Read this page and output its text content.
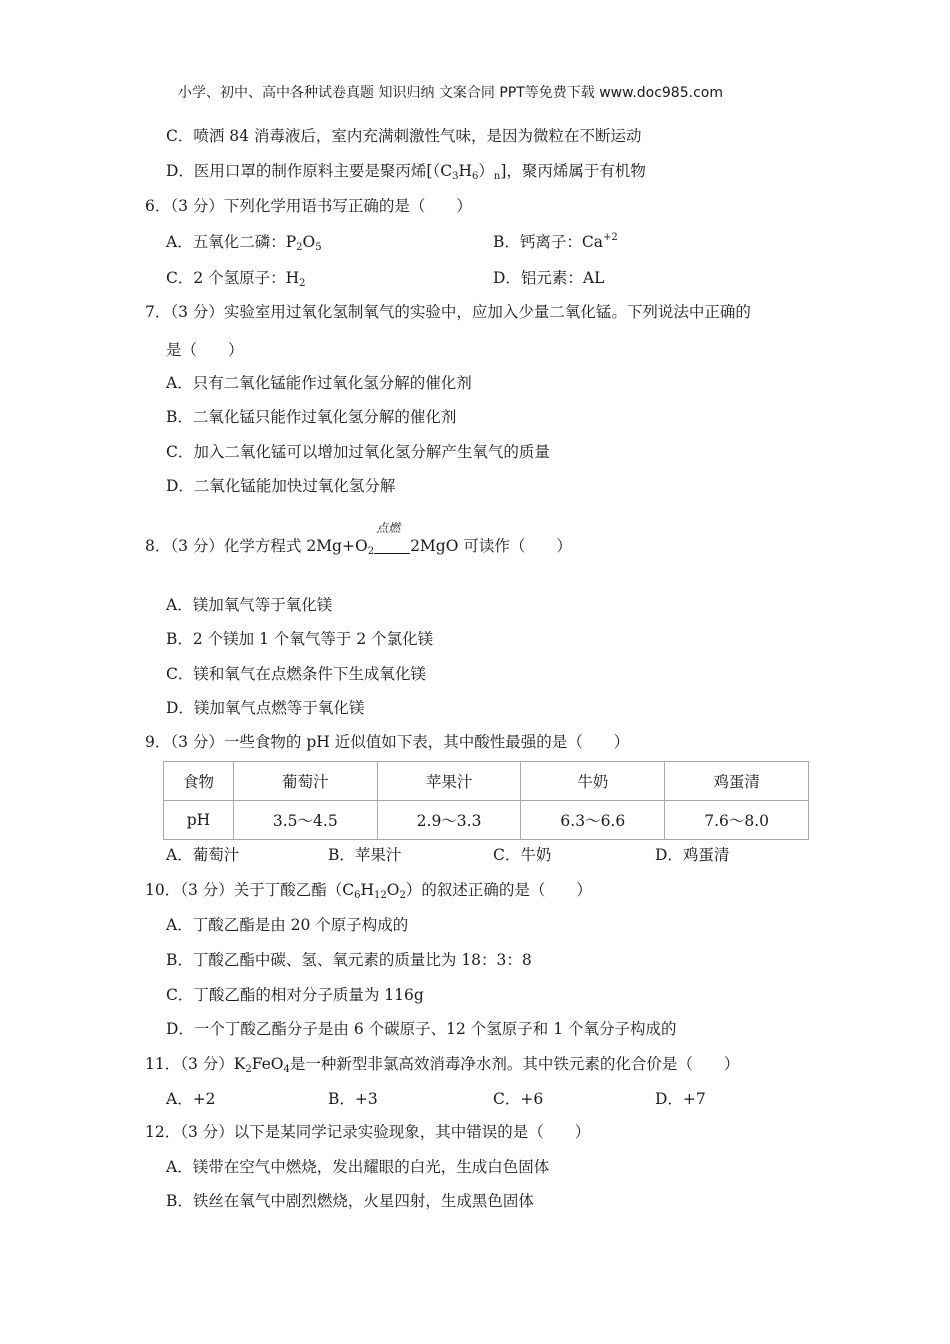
小学、初中、高中各种试卷真题 知识归纳 文案合同 PPT等免费下载 www.doc985.com
C．喷洒 84 消毒液后，室内充满刺激性气味，是因为微粒在不断运动
D．医用口罩的制作原料主要是聚丙烯$[(C_3H_6)_n]$，聚丙烯属于有机物
6．（3 分）下列化学用语书写正确的是（　　）
A．五氧化二磷：$P_2O_5$	B．钙离子：$Ca^{+2}$
C．2 个氢原子：$H_2$	D．铝元素：AL
7．（3 分）实验室用过氧化氢制氧气的实验中，应加入少量二氧化锰。下列说法中正确的
是（　　）
A．只有二氧化锰能作过氧化氢分解的催化剂
B．二氧化锰只能作过氧化氢分解的催化剂
C．加入二氧化锰可以增加过氧化氢分解产生氧气的质量
D．二氧化锰能加快过氧化氢分解
8．（3 分）化学方程式 $2Mg+O_2$
点燃
2MgO 可读作（　　）
A．镁加氧气等于氧化镁
B．2 个镁加 1 个氧气等于 2 个氯化镁
C．镁和氧气在点燃条件下生成氧化镁
D．镁加氧气点燃等于氧化镁
9．（3 分）一些食物的 pH 近似值如下表，其中酸性最强的是（　　）
食物	葡萄汁	苹果汁	牛奶	鸡蛋清
pH	3.5～4.5	2.9～3.3	6.3～6.6	7.6～8.0
A．葡萄汁	B．苹果汁	C．牛奶	D．鸡蛋清
10．（3 分）关于丁酸乙酯$(C_6H_{12}O_2)$的叙述正确的是（　　）
A．丁酸乙酯是由 20 个原子构成的
B．丁酸乙酯中碳、氢、氧元素的质量比为 18：3：8
C．丁酸乙酯的相对分子质量为 116g
D．一个丁酸乙酯分子是由 6 个碳原子、12 个氢原子和 1 个氧分子构成的
11．（3 分）$K_2FeO_4$是一种新型非氯高效消毒净水剂。其中铁元素的化合价是（　　）
A．+2	B．+3	C．+6	D．+7
12．（3 分）以下是某同学记录实验现象，其中错误的是（　　）
A．镁带在空气中燃烧，发出耀眼的白光，生成白色固体
B．铁丝在氧气中剧烈燃烧，火星四射，生成黑色固体
